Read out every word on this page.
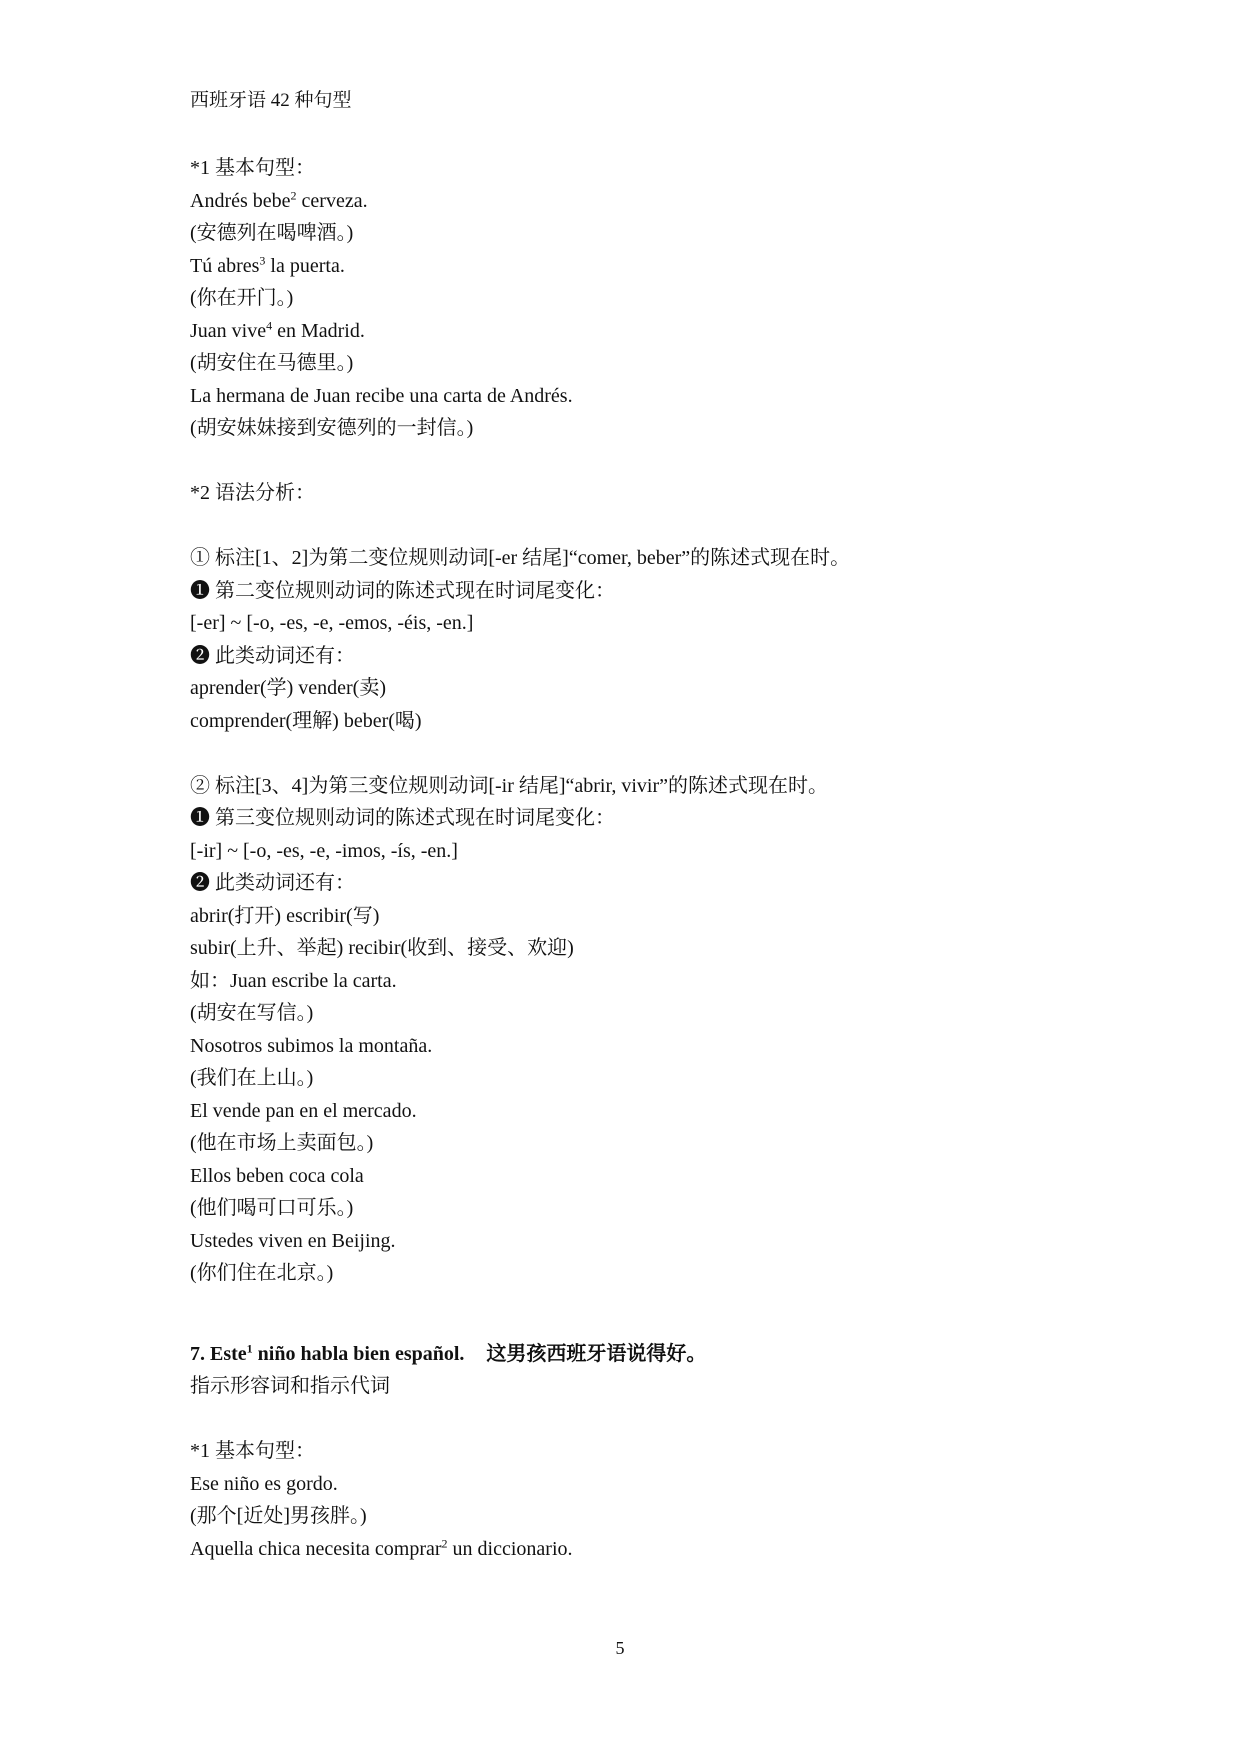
西班牙语 42 种句型
*1 基本句型：
Andrés bebe$^2$ cerveza.
(安德列在喝啤酒。)
Tú abres$^3$ la puerta.
(你在开门。)
Juan vive$^4$ en Madrid.
(胡安住在马德里。)
La hermana de Juan recibe una carta de Andrés.
(胡安妹妹接到安德列的一封信。)
*2 语法分析：
① 标注[1、2]为第二变位规则动词[-er 结尾]“comer, beber”的陈述式现在时。
❶ 第二变位规则动词的陈述式现在时词尾变化：
[-er] ~ [-o, -es, -e, -emos, -éis, -en.]
❷ 此类动词还有：
aprender(学) vender(卖)
comprender(理解) beber(喝)
② 标注[3、4]为第三变位规则动词[-ir 结尾]“abrir, vivir”的陈述式现在时。
❶ 第三变位规则动词的陈述式现在时词尾变化：
[-ir] ~ [-o, -es, -e, -imos, -ís, -en.]
❷ 此类动词还有：
abrir(打开) escribir(写)
subir(上升、举起) recibir(收到、接受、欢迎)
如：Juan escribe la carta.
(胡安在写信。)
Nosotros subimos la montaña.
(我们在上山。)
El vende pan en el mercado.
(他在市场上卖面包。)
Ellos beben coca cola
(他们喝可口可乐。)
Ustedes viven en Beijing.
(你们住在北京。)
7. Este$^1$ niño habla bien español. 这男孩西班牙语说得好。
指示形容词和指示代词
*1 基本句型：
Ese niño es gordo.
(那个[近处]男孩胖。)
Aquella chica necesita comprar$^2$ un diccionario.
5
